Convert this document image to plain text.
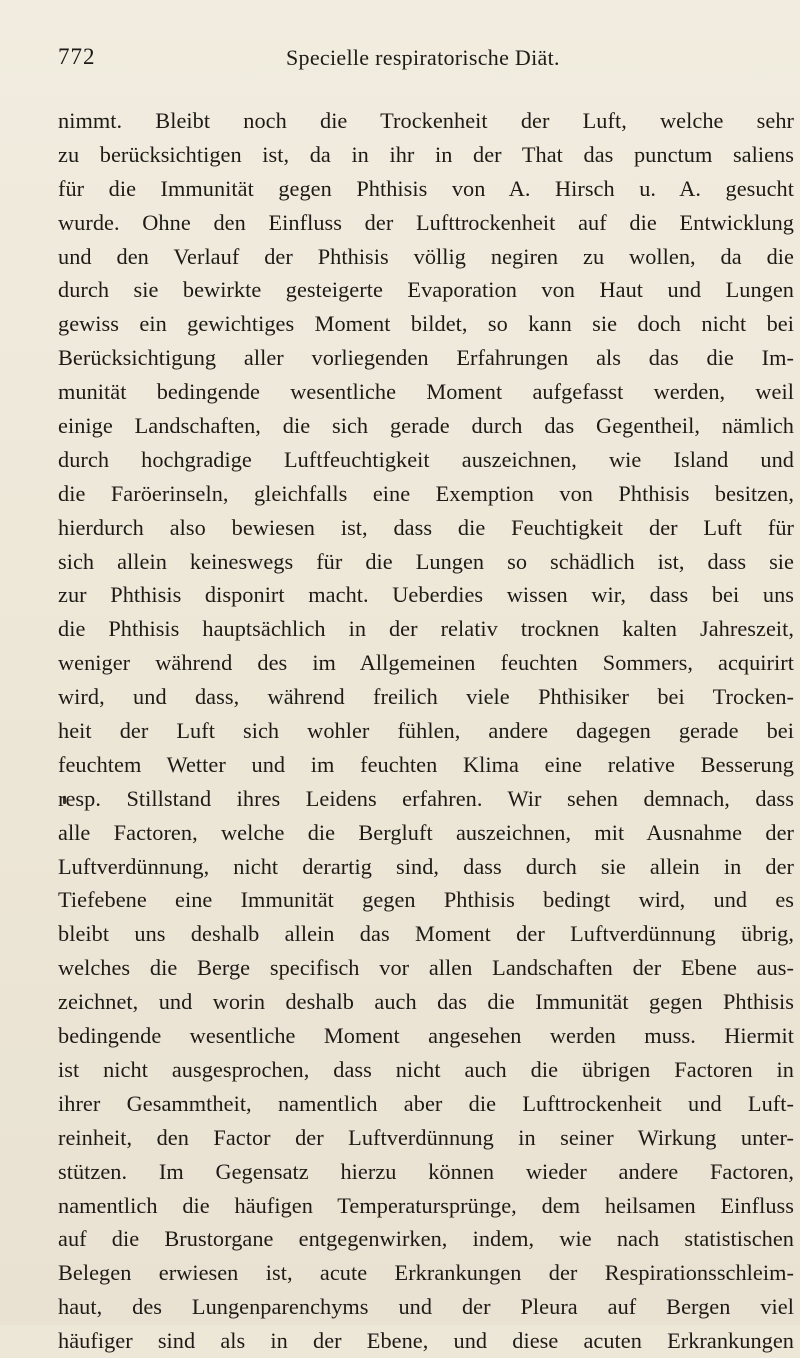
772	Specielle respiratorische Diät.
nimmt. Bleibt noch die Trockenheit der Luft, welche sehr
zu berücksichtigen ist, da in ihr in der That das punctum saliens
für die Immunität gegen Phthisis von A. Hirsch u. A. gesucht
wurde. Ohne den Einfluss der Lufttrockenheit auf die Entwicklung
und den Verlauf der Phthisis völlig negiren zu wollen, da die
durch sie bewirkte gesteigerte Evaporation von Haut und Lungen
gewiss ein gewichtiges Moment bildet, so kann sie doch nicht bei
Berücksichtigung aller vorliegenden Erfahrungen als das die Im-
munität bedingende wesentliche Moment aufgefasst werden, weil
einige Landschaften, die sich gerade durch das Gegentheil, nämlich
durch hochgradige Luftfeuchtigkeit auszeichnen, wie Island und
die Faröerinseln, gleichfalls eine Exemption von Phthisis besitzen,
hierdurch also bewiesen ist, dass die Feuchtigkeit der Luft für
sich allein keineswegs für die Lungen so schädlich ist, dass sie
zur Phthisis disponirt macht. Ueberdies wissen wir, dass bei uns
die Phthisis hauptsächlich in der relativ trocknen kalten Jahreszeit,
weniger während des im Allgemeinen feuchten Sommers, acquirirt
wird, und dass, während freilich viele Phthisiker bei Trocken-
heit der Luft sich wohler fühlen, andere dagegen gerade bei
feuchtem Wetter und im feuchten Klima eine relative Besserung
resp. Stillstand ihres Leidens erfahren. Wir sehen demnach, dass
alle Factoren, welche die Bergluft auszeichnen, mit Ausnahme der
Luftverdünnung, nicht derartig sind, dass durch sie allein in der
Tiefebene eine Immunität gegen Phthisis bedingt wird, und es
bleibt uns deshalb allein das Moment der Luftverdünnung übrig,
welches die Berge specifisch vor allen Landschaften der Ebene aus-
zeichnet, und worin deshalb auch das die Immunität gegen Phthisis
bedingende wesentliche Moment angesehen werden muss. Hiermit
ist nicht ausgesprochen, dass nicht auch die übrigen Factoren in
ihrer Gesammtheit, namentlich aber die Lufttrockenheit und Luft-
reinheit, den Factor der Luftverdünnung in seiner Wirkung unter-
stützen. Im Gegensatz hierzu können wieder andere Factoren,
namentlich die häufigen Temperatursprünge, dem heilsamen Einfluss
auf die Brustorgane entgegenwirken, indem, wie nach statistischen
Belegen erwiesen ist, acute Erkrankungen der Respirationsschleim-
haut, des Lungenparenchyms und der Pleura auf Bergen viel
häufiger sind als in der Ebene, und diese acuten Erkrankungen
